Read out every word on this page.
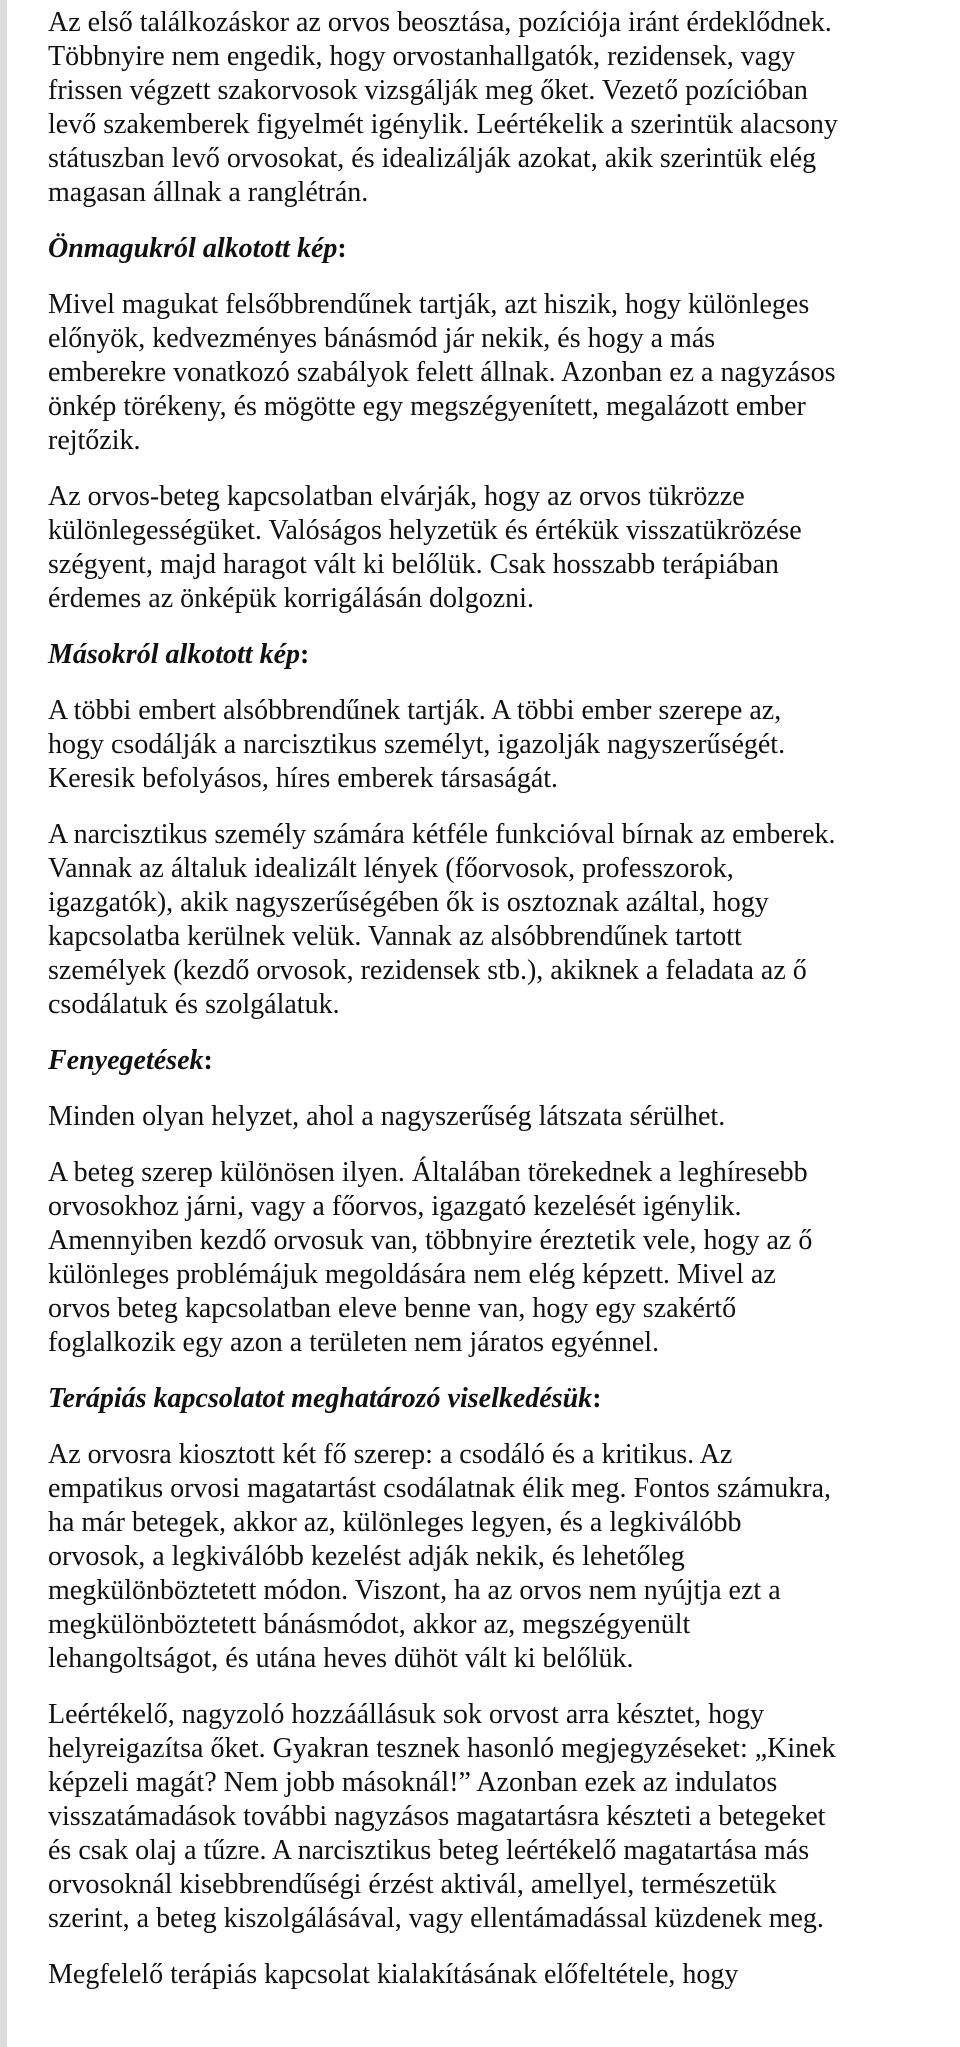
Az első találkozáskor az orvos beosztása, pozíciója iránt érdeklődnek.
Többnyire nem engedik, hogy orvostanhallgatók, rezidensek, vagy
frissen végzett szakorvosok vizsgálják meg őket. Vezető pozícióban
levő szakemberek figyelmét igénylik. Leértékelik a szerintük alacsony
státuszban levő orvosokat, és idealizálják azokat, akik szerintük elég
magasan állnak a ranglétrán.

Önmagukról alkotott kép:

Mivel magukat felsőbbrendűnek tartják, azt hiszik, hogy különleges
előnyök, kedvezményes bánásmód jár nekik, és hogy a más
emberekre vonatkozó szabályok felett állnak. Azonban ez a nagyzásos
önkép törékeny, és mögötte egy megszégyenített, megalázott ember
rejtőzik.

Az orvos-beteg kapcsolatban elvárják, hogy az orvos tükrözze
különlegességüket. Valóságos helyzetük és értékük visszatükrözése
szégyent, majd haragot vált ki belőlük. Csak hosszabb terápiában
érdemes az önképük korrigálásán dolgozni.

Másokról alkotott kép:

A többi embert alsóbbrendűnek tartják. A többi ember szerepe az,
hogy csodálják a narcisztikus személyt, igazolják nagyszerűségét.
Keresik befolyásos, híres emberek társaságát.

A narcisztikus személy számára kétféle funkcióval bírnak az emberek.
Vannak az általuk idealizált lények (főorvosok, professzorok,
igazgatók), akik nagyszerűségében ők is osztoznak azáltal, hogy
kapcsolatba kerülnek velük. Vannak az alsóbbrendűnek tartott
személyek (kezdő orvosok, rezidensek stb.), akiknek a feladata az ő
csodálatuk és szolgálatuk.

Fenyegetések:

Minden olyan helyzet, ahol a nagyszerűség látszata sérülhet.

A beteg szerep különösen ilyen. Általában törekednek a leghíresebb
orvosokhoz járni, vagy a főorvos, igazgató kezelését igénylik.
Amennyiben kezdő orvosuk van, többnyire éreztetik vele, hogy az ő
különleges problémájuk megoldására nem elég képzett. Mivel az
orvos beteg kapcsolatban eleve benne van, hogy egy szakértő
foglalkozik egy azon a területen nem járatos egyénnel.

Terápiás kapcsolatot meghatározó viselkedésük:

Az orvosra kiosztott két fő szerep: a csodáló és a kritikus. Az
empatikus orvosi magatartást csodálatnak élik meg. Fontos számukra,
ha már betegek, akkor az, különleges legyen, és a legkiválóbb
orvosok, a legkiválóbb kezelést adják nekik, és lehetőleg
megkülönböztetett módon. Viszont, ha az orvos nem nyújtja ezt a
megkülönböztetett bánásmódot, akkor az, megszégyenült
lehangoltságot, és utána heves dühöt vált ki belőlük.

Leértékelő, nagyzoló hozzáállásuk sok orvost arra késztet, hogy
helyreigazítsa őket. Gyakran tesznek hasonló megjegyzéseket: „Kinek
képzeli magát? Nem jobb másoknál!” Azonban ezek az indulatos
visszatámadások további nagyzásos magatartásra készteti a betegeket
és csak olaj a tűzre. A narcisztikus beteg leértékelő magatartása más
orvosoknál kisebbrendűségi érzést aktivál, amellyel, természetük
szerint, a beteg kiszolgálásával, vagy ellentámadással küzdenek meg.

Megfelelő terápiás kapcsolat kialakításának előfeltétele, hogy
